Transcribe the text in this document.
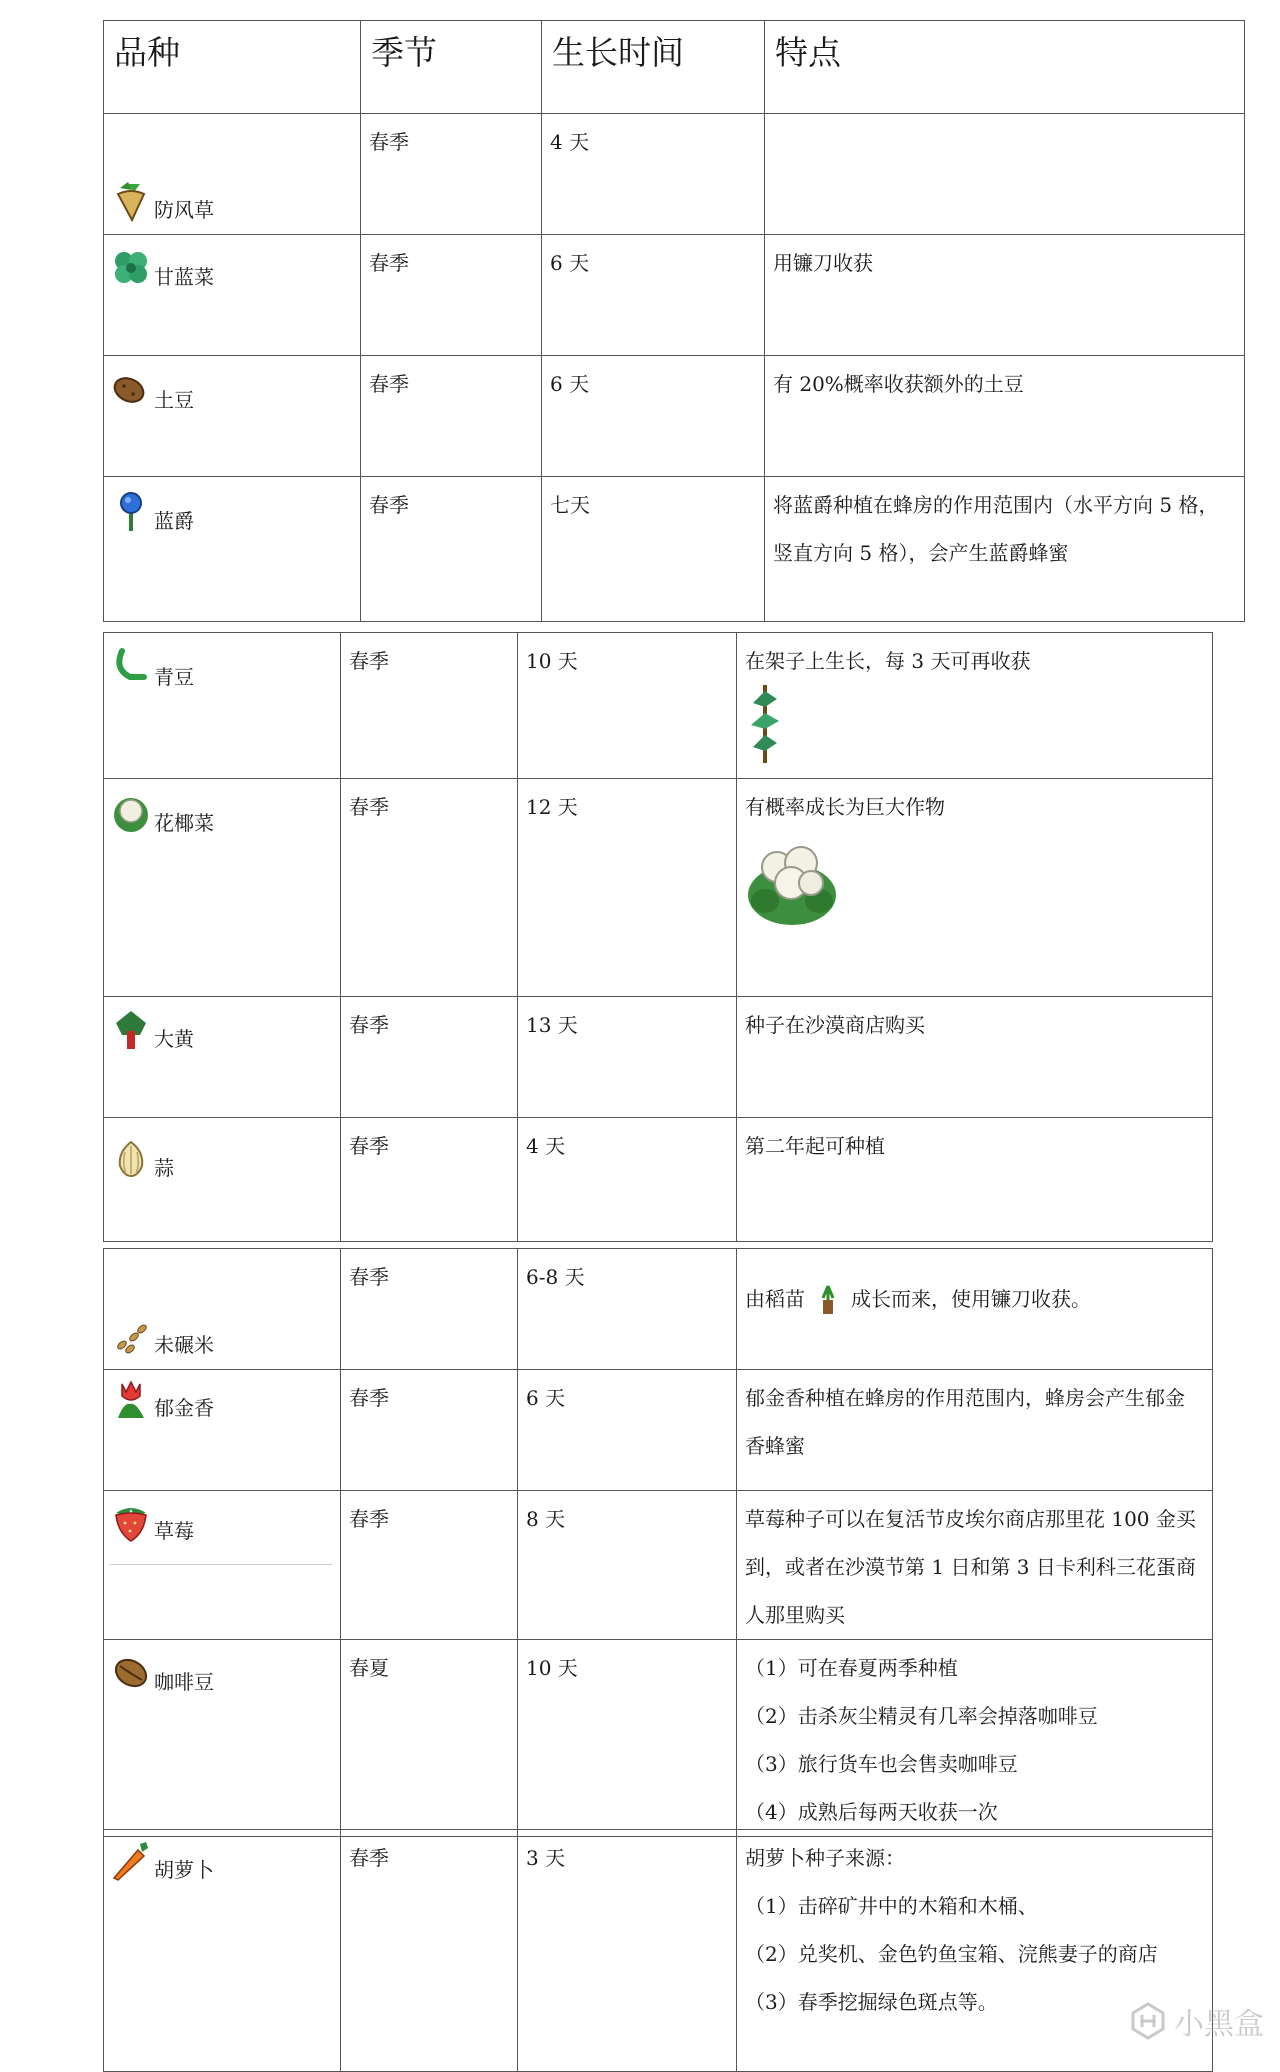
品种	季节	生长时间	特点

防风草	春季	4 天	

甘蓝菜	春季	6 天	用镰刀收获

土豆	春季	6 天	有 20%概率收获额外的土豆

蓝爵	春季	七天	将蓝爵种植在蜂房的作用范围内（水平方向 5 格，竖直方向 5 格），会产生蓝爵蜂蜜
青豆	春季	10 天	在架子上生长，每 3 天可再收获

花椰菜	春季	12 天	有概率成长为巨大作物

大黄	春季	13 天	种子在沙漠商店购买

蒜	春季	4 天	第二年起可种植
未碾米	春季	6-8 天	由稻苗 成长而来，使用镰刀收获。

郁金香	春季	6 天	郁金香种植在蜂房的作用范围内，蜂房会产生郁金香蜂蜜

草莓	春季	8 天	草莓种子可以在复活节皮埃尔商店那里花 100 金买到，或者在沙漠节第 1 日和第 3 日卡利科三花蛋商人那里购买

咖啡豆	春夏	10 天	（1）可在春夏两季种植
（2）击杀灰尘精灵有几率会掉落咖啡豆
（3）旅行货车也会售卖咖啡豆
（4）成熟后每两天收获一次
胡萝卜	春季	3 天	胡萝卜种子来源：
（1）击碎矿井中的木箱和木桶、
（2）兑奖机、金色钓鱼宝箱、浣熊妻子的商店
（3）春季挖掘绿色斑点等。
小黑盒
